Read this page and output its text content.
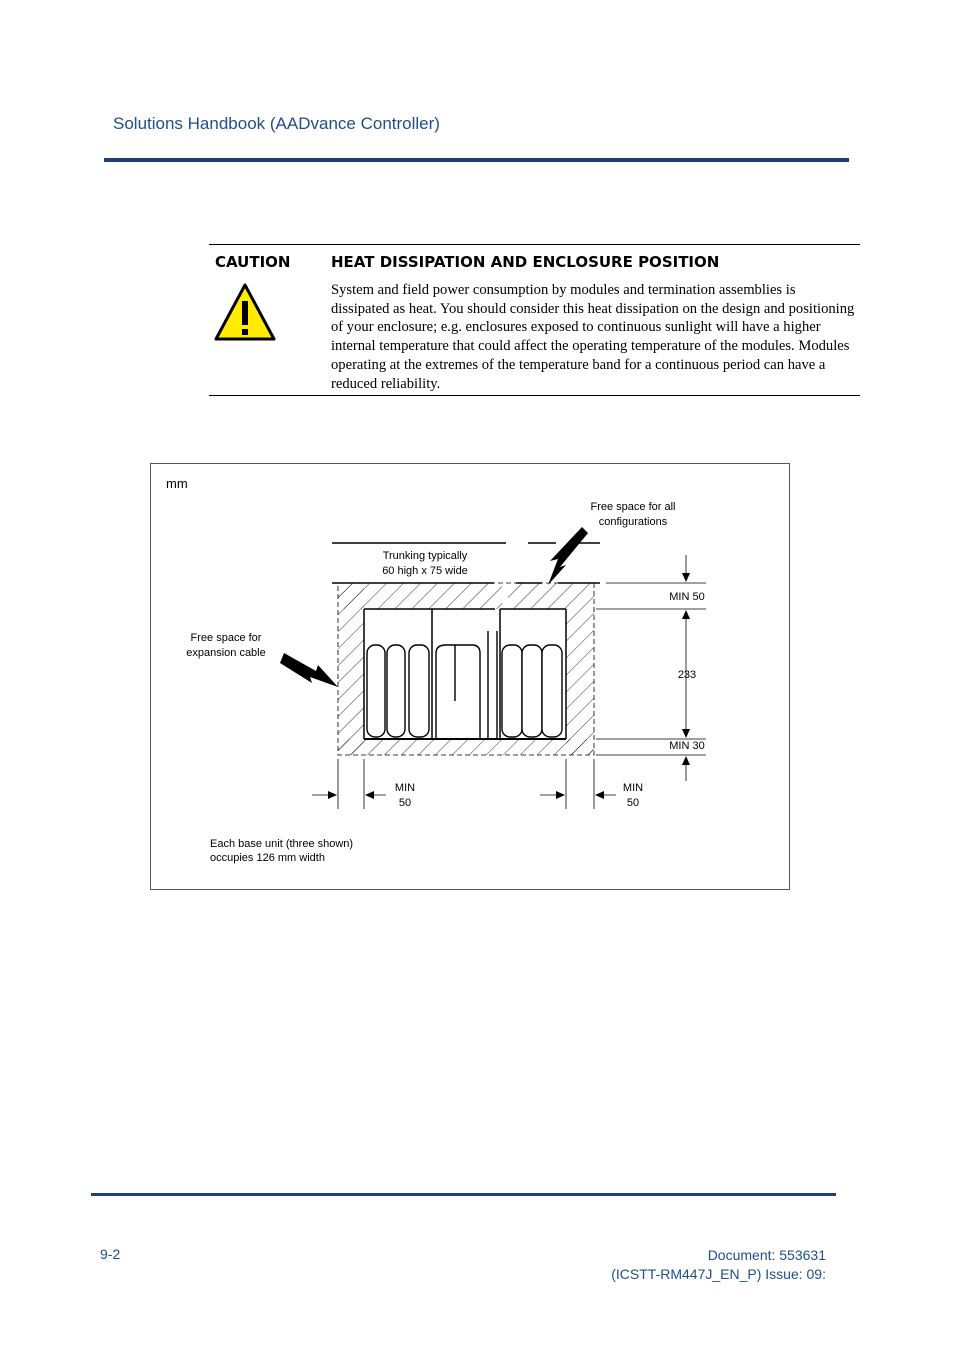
Solutions Handbook (AADvance Controller)
CAUTION	HEAT DISSIPATION AND ENCLOSURE POSITION
System and field power consumption by modules and termination assemblies is dissipated as heat. You should consider this heat dissipation on the design and positioning of your enclosure; e.g. enclosures exposed to continuous sunlight will have a higher internal temperature that could affect the operating temperature of the modules. Modules operating at the extremes of the temperature band for a continuous period can have a reduced reliability.
mm
Free space for all
configurations
Trunking typically
60 high x 75 wide
Free space for
expansion cable
MIN 50
233
MIN 30
MIN
50
MIN
50
Each base unit (three shown)
occupies 126 mm width
9-2	Document: 553631
(ICSTT-RM447J_EN_P) Issue: 09:
